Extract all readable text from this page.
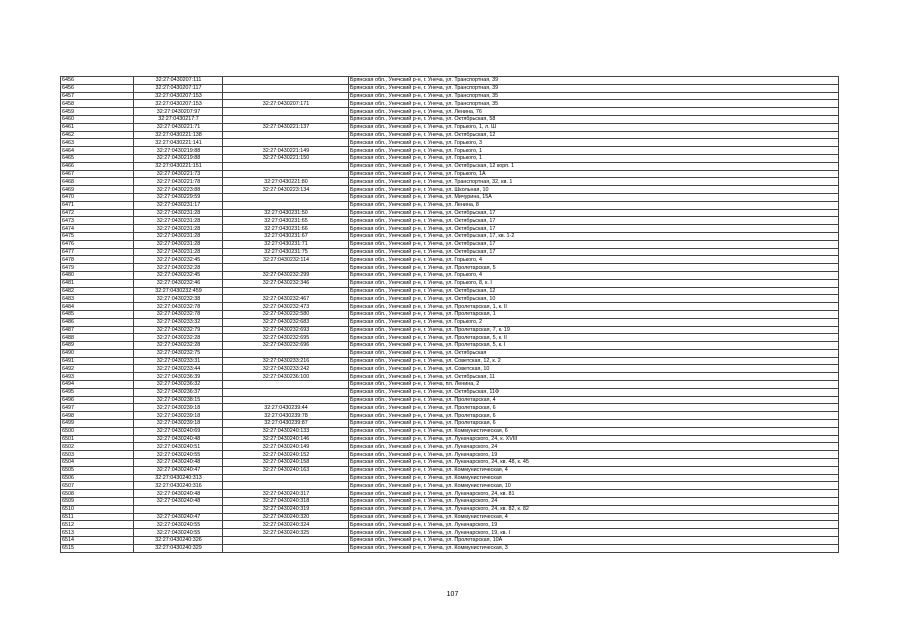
6456	32:27:0430207:111		Брянская обл., Унечский р-н, г. Унеча, ул. Транспортная, 39
6456	32:27:0430207:117		Брянская обл., Унечский р-н, г. Унеча, ул. Транспортная, 39
6457	32:27:0430207:153		Брянская обл., Унечский р-н, г. Унеча, ул. Транспортная, 35
6458	32:27:0430207:153	32:27:0430207:171	Брянская обл., Унечский р-н, г. Унеча, ул. Транспортная, 35
6459	32:27:0430207:97		Брянская обл., Унечский р-н, г. Унеча, ул. Ленина, 76
6460	32:27:0430217:7		Брянская обл., Унечский р-н, г. Унеча, ул. Октябрьская, 58
6461	32:27:0430221:71	32:27:0430221:137	Брянская обл., Унечский р-н, г. Унеча, ул. Горького, 1, л. Ш
6462	32:27:0430221:138		Брянская обл., Унечский р-н, г. Унеча, ул. Октябрьская, 12
6463	32:27:0430221:141		Брянская обл., Унечский р-н, г. Унеча, ул. Горького, 3
6464	32:27:0430219:88	32:27:0430221:149	Брянская обл., Унечский р-н, г. Унеча, ул. Горького, 1
6465	32:27:0430219:88	32:27:0430221:150	Брянская обл., Унечский р-н, г. Унеча, ул. Горького, 1
6466	32:27:0430221:151		Брянская обл., Унечский р-н, г. Унеча, ул. Октябрьская, 12 корп. 1
6467	32:27:0430221:73		Брянская обл., Унечский р-н, г. Унеча, ул. Горького, 1А
6468	32:27:0430221:78	32:27:0430221:80	Брянская обл., Унечский р-н, г. Унеча, ул. Транспортная, 32, кв. 1
6469	32:27:0430223:88	32:27:0430223:134	Брянская обл., Унечский р-н, г. Унеча, ул. Школьная, 10
6470	32:27:0430229:59		Брянская обл., Унечский р-н, г. Унеча, ул. Мичурина, 15А
6471	32:27:0430231:17		Брянская обл., Унечский р-н, г. Унеча, ул. Ленина, 8
6472	32:27:0430231:28	32:27:0430231:50	Брянская обл., Унечский р-н, г. Унеча, ул. Октябрьская, 17
6473	32:27:0430231:28	32:27:0430231:65	Брянская обл., Унечский р-н, г. Унеча, ул. Октябрьская, 17
6474	32:27:0430231:28	32:27:0430231:66	Брянская обл., Унечский р-н, г. Унеча, ул. Октябрьская, 17
6475	32:27:0430231:28	32:27:0430231:67	Брянская обл., Унечский р-н, г. Унеча, ул. Октябрьская, 17, кв. 1-2
6476	32:27:0430231:28	32:27:0430231:71	Брянская обл., Унечский р-н, г. Унеча, ул. Октябрьская, 17
6477	32:27:0430231:28	32:27:0430231:75	Брянская обл., Унечский р-н, г. Унеча, ул. Октябрьская, 17
6478	32:27:0430232:45	32:27:0430232:114	Брянская обл., Унечский р-н, г. Унеча, ул. Горького, 4
6479	32:27:0430232:28		Брянская обл., Унечский р-н, г. Унеча, ул. Пролетарская, 5
6480	32:27:0430232:45	32:27:0430232:299	Брянская обл., Унечский р-н, г. Унеча, ул. Горького, 4
6481	32:27:0430232:46	32:27:0430232:346	Брянская обл., Унечский р-н, г. Унеча, ул. Горького, 8, к. I
6482	32:27:0430232:459		Брянская обл., Унечский р-н, г. Унеча, ул. Октябрьская, 12
6483	32:27:0430232:38	32:27:0430232:467	Брянская обл., Унечский р-н, г. Унеча, ул. Октябрьская, 10
6484	32:27:0430232:78	32:27:0430232:473	Брянская обл., Унечский р-н, г. Унеча, ул. Пролетарская, 1, к. II
6485	32:27:0430232:78	32:27:0430232:580	Брянская обл., Унечский р-н, г. Унеча, ул. Пролетарская, 1
6486	32:27:0430233:32	32:27:0430232:683	Брянская обл., Унечский р-н, г. Унеча, ул. Горького, 2
6487	32:27:0430232:79	32:27:0430232:693	Брянская обл., Унечский р-н, г. Унеча, ул. Пролетарская, 7, к. 19
6488	32:27:0430232:28	32:27:0430232:695	Брянская обл., Унечский р-н, г. Унеча, ул. Пролетарская, 5, к. II
6489	32:27:0430232:28	32:27:0430232:696	Брянская обл., Унечский р-н, г. Унеча, ул. Пролетарская, 5, к. I
6490	32:27:0430232:75		Брянская обл., Унечский р-н, г. Унеча, ул. Октябрьская
6491	32:27:0430233:31	32:27:0430233:216	Брянская обл., Унечский р-н, г. Унеча, ул. Советская, 12, к. 2
6492	32:27:0430233:44	32:27:0430233:242	Брянская обл., Унечский р-н, г. Унеча, ул. Советская, 10
6493	32:27:0430236:39	32:27:0430236:100	Брянская обл., Унечский р-н, г. Унеча, ул. Октябрьская, 11
6494	32:27:0430236:32		Брянская обл., Унечский р-н, г. Унеча, пл. Ленина, 2
6495	32:27:0430236:37		Брянская обл., Унечский р-н, г. Унеча, ул. Октябрьская, 11Ф
6496	32:27:0430238:15		Брянская обл., Унечский р-н, г. Унеча, ул. Пролетарская, 4
6497	32:27:0430239:18	32:27:0430239:44	Брянская обл., Унечский р-н, г. Унеча, ул. Пролетарская, 6
6498	32:27:0430239:18	32:27:0430239:78	Брянская обл., Унечский р-н, г. Унеча, ул. Пролетарская, 6
6499	32:27:0430239:18	32:27:0430239:87	Брянская обл., Унечский р-н, г. Унеча, ул. Пролетарская, 6
6500	32:27:0430240:69	32:27:0430240:133	Брянская обл., Унечский р-н, г. Унеча, ул. Коммунистическая, 6
6501	32:27:0430240:48	32:27:0430240:146	Брянская обл., Унечский р-н, г. Унеча, ул. Луначарского, 24, к. XVIII
6502	32:27:0430240:51	32:27:0430240:149	Брянская обл., Унечский р-н, г. Унеча, ул. Луначарского, 24
6503	32:27:0430240:55	32:27:0430240:152	Брянская обл., Унечский р-н, г. Унеча, ул. Луначарского, 19
6504	32:27:0430240:48	32:27:0430240:158	Брянская обл., Унечский р-н, г. Унеча, ул. Луначарского, 24, кв. 48, к. 45
6505	32:27:0430240:47	32:27:0430240:163	Брянская обл., Унечский р-н, г. Унеча, ул. Коммунистическая, 4
6506	32:27:0430240:313		Брянская обл., Унечский р-н, г. Унеча, ул. Коммунистическая
6507	32:27:0430240:316		Брянская обл., Унечский р-н, г. Унеча, ул. Коммунистическая, 10
6508	32:27:0430240:48	32:27:0430240:317	Брянская обл., Унечский р-н, г. Унеча, ул. Луначарского, 24, кв. 81
6509	32:27:0430240:48	32:27:0430240:318	Брянская обл., Унечский р-н, г. Унеча, ул. Луначарского, 24
6510		32:27:0430240:319	Брянская обл., Унечский р-н, г. Унеча, ул. Луначарского, 24, кв. 82, к. 82
6511	32:27:0430240:47	32:27:0430240:320	Брянская обл., Унечский р-н, г. Унеча, ул. Коммунистическая, 4
6512	32:27:0430240:55	32:27:0430240:324	Брянская обл., Унечский р-н, г. Унеча, ул. Луначарского, 19
6513	32:27:0430240:55	32:27:0430240:325	Брянская обл., Унечский р-н, г. Унеча, ул. Луначарского, 19, кв. I
6514	32:27:0430240:326		Брянская обл., Унечский р-н, г. Унеча, ул. Пролетарская, 10А
6515	32:27:0430240:329		Брянская обл., Унечский р-н, г. Унеча, ул. Коммунистическая, 3
107
